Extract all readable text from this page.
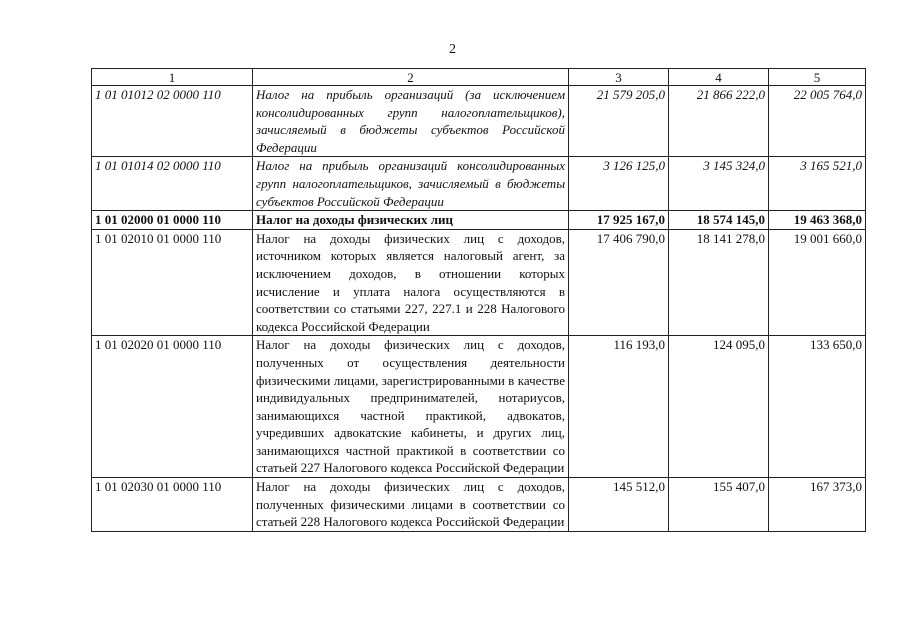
2
1	2	3	4	5
1 01 01012 02 0000 110	Налог на прибыль организаций (за исключением консолидированных групп налогоплательщиков), зачисляемый в бюджеты субъектов Российской Федерации	21 579 205,0	21 866 222,0	22 005 764,0
1 01 01014 02 0000 110	Налог на прибыль организаций консолидированных групп налогоплательщиков, зачисляемый в бюджеты субъектов Российской Федерации	3 126 125,0	3 145 324,0	3 165 521,0
1 01 02000 01 0000 110	Налог на доходы физических лиц	17 925 167,0	18 574 145,0	19 463 368,0
1 01 02010 01 0000 110	Налог на доходы физических лиц с доходов, источником которых является налоговый агент, за исключением доходов, в отношении которых исчисление и уплата налога осуществляются в соответствии со статьями 227, 227.1 и 228 Налогового кодекса Российской Федерации	17 406 790,0	18 141 278,0	19 001 660,0
1 01 02020 01 0000 110	Налог на доходы физических лиц с доходов, полученных от осуществления деятельности физическими лицами, зарегистрированными в качестве индивидуальных предпринимателей, нотариусов, занимающихся частной практикой, адвокатов, учредивших адвокатские кабинеты, и других лиц, занимающихся частной практикой в соответствии со статьей 227 Налогового кодекса Российской Федерации	116 193,0	124 095,0	133 650,0
1 01 02030 01 0000 110	Налог на доходы физических лиц с доходов, полученных физическими лицами в соответствии со статьей 228 Налогового кодекса Российской Федерации	145 512,0	155 407,0	167 373,0
